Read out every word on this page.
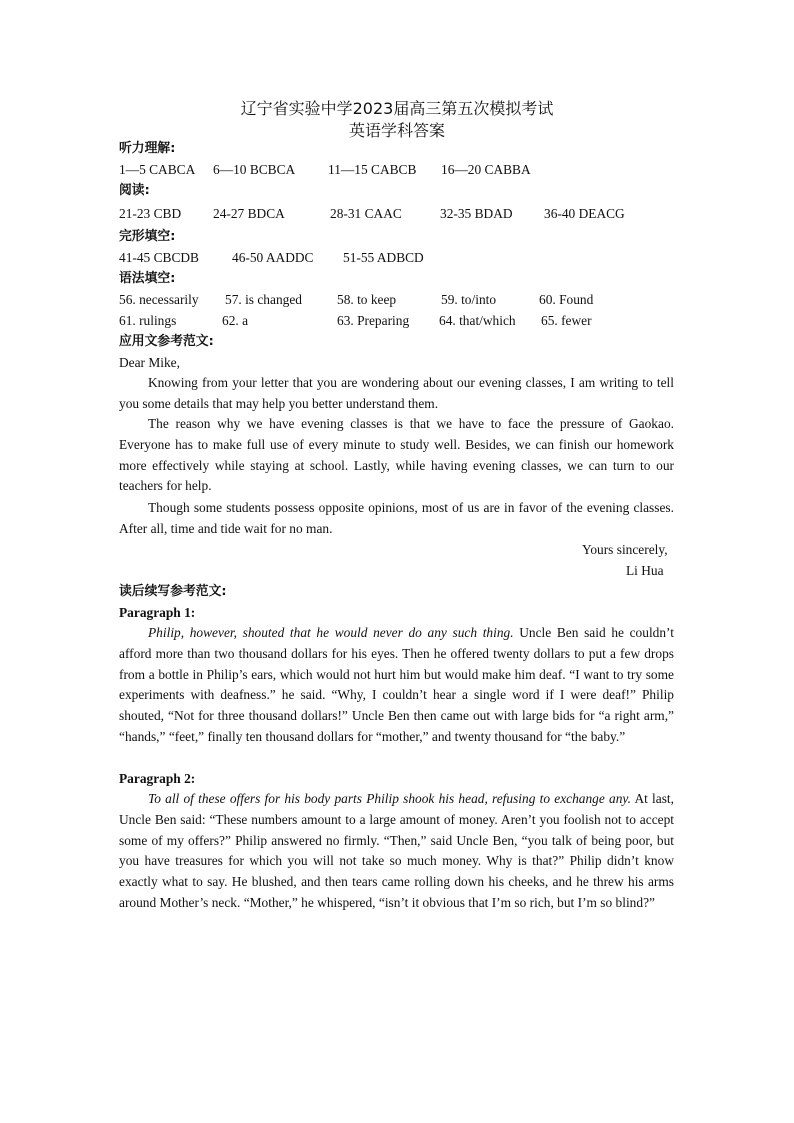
辽宁省实验中学2023届高三第五次模拟考试
英语学科答案
听力理解:
1—5 CABCA 6—10 BCBCA 11—15 CABCB 16—20 CABBA
阅读:
21-23 CBD 24-27 BDCA	28-31 CAAC	32-35 BDAD 36-40 DEACG
完形填空:
41-45 CBCDB 46-50 AADDC 51-55 ADBCD
语法填空:
56. necessarily 57. is changed	58. to keep	59. to/into	60. Found
61. rulings	62. a	63. Preparing 64. that/which 65. fewer
应用文参考范文:
Dear Mike,

Knowing from your letter that you are wondering about our evening classes, I am writing to tell you some details that may help you better understand them.

The reason why we have evening classes is that we have to face the pressure of Gaokao. Everyone has to make full use of every minute to study well. Besides, we can finish our homework more effectively while staying at school. Lastly, while having evening classes, we can turn to our teachers for help.

Though some students possess opposite opinions, most of us are in favor of the evening classes. After all, time and tide wait for no man.

Yours sincerely,
Li Hua
读后续写参考范文:
Paragraph 1:

Philip, however, shouted that he would never do any such thing. Uncle Ben said he couldn’t afford more than two thousand dollars for his eyes. Then he offered twenty dollars to put a few drops from a bottle in Philip’s ears, which would not hurt him but would make him deaf. “I want to try some experiments with deafness.” he said. “Why, I couldn’t hear a single word if I were deaf!” Philip shouted, “Not for three thousand dollars!” Uncle Ben then came out with large bids for “a right arm,” “hands,” “feet,” finally ten thousand dollars for “mother,” and twenty thousand for “the baby.”

Paragraph 2:

To all of these offers for his body parts Philip shook his head, refusing to exchange any. At last, Uncle Ben said: “These numbers amount to a large amount of money. Aren’t you foolish not to accept some of my offers?” Philip answered no firmly. “Then,” said Uncle Ben, “you talk of being poor, but you have treasures for which you will not take so much money. Why is that?” Philip didn’t know exactly what to say. He blushed, and then tears came rolling down his cheeks, and he threw his arms around Mother’s neck. “Mother,” he whispered, “isn’t it obvious that I’m so rich, but I’m so blind?”
